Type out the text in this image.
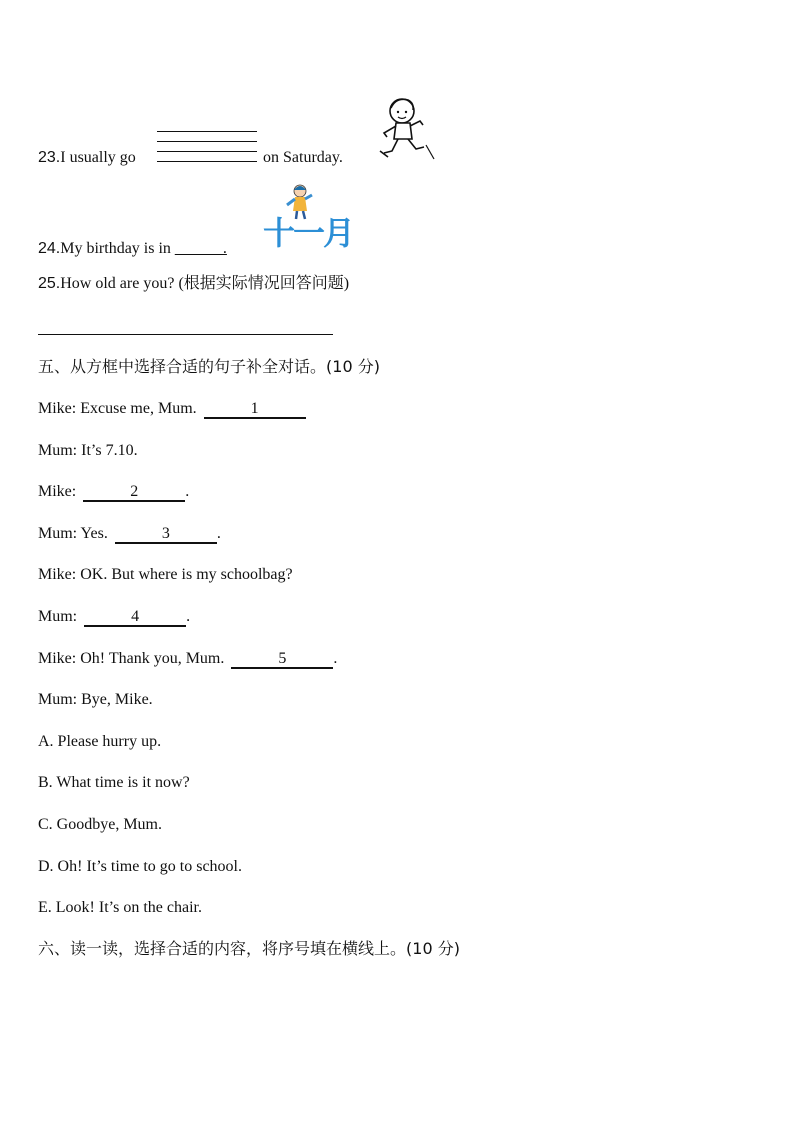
23.I usually go	on Saturday.
24.My birthday is in ______. 十一月
25.How old are you? (根据实际情况回答问题)
五、从方框中选择合适的句子补全对话。(10 分)
Mike: Excuse me, Mum.	1
Mum: It’s 7.10.
Mike:	2	.
Mum: Yes.	3	.
Mike: OK. But where is my schoolbag?
Mum:	4	.
Mike: Oh! Thank you, Mum.	5	.
Mum: Bye, Mike.
A. Please hurry up.
B. What time is it now?
C. Goodbye, Mum.
D. Oh! It’s time to go to school.
E. Look! It’s on the chair.
六、读一读，选择合适的内容，将序号填在横线上。(10 分)
